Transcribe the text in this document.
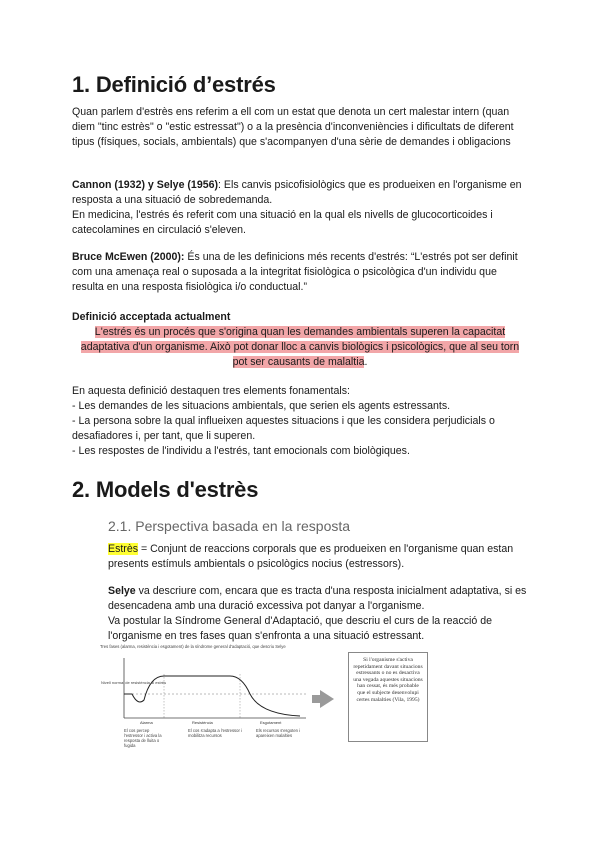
1. Definició d’estrés

Quan parlem d'estrès ens referim a ell com un estat que denota un cert malestar intern (quan diem "tinc estrès" o "estic estressat") o a la presència d'inconveniències i dificultats de diferent tipus (físiques, socials, ambientals) que s'acompanyen d'una sèrie de demandes i obligacions

Cannon (1932) y Selye (1956): Els canvis psicofisiològics que es produeixen en l'organisme en resposta a una situació de sobredemanda.

En medicina, l'estrés és referit com una situació en la qual els nivells de glucocorticoides i catecolamines en circulació s'eleven.

Bruce McEwen (2000): És una de les definicions més recents d'estrés: “L'estrés pot ser definit com una amenaça real o suposada a la integritat fisiològica o psicològica d'un individu que resulta en una resposta fisiològica i/o conductual.”

Definició acceptada actualment

L'estrés és un procés que s'origina quan les demandes ambientals superen la capacitat adaptativa d'un organisme. Això pot donar lloc a canvis biològics i psicològics, que al seu torn pot ser causants de malaltia.

En aquesta definició destaquen tres elements fonamentals:

- Les demandes de les situacions ambientals, que serien els agents estressants.

- La persona sobre la qual influeixen aquestes situacions i que les considera perjudicials o desafiadores i, per tant, que li superen.

- Les respostes de l'individu a l'estrés, tant emocionals com biològiques.

2. Models d'estrès

2.1. Perspectiva basada en la resposta

Estrès = Conjunt de reaccions corporals que es produeixen en l'organisme quan estan presents estímuls ambientals o psicològics nocius (estressors).

Selye va descriure com, encara que es tracta d'una resposta inicialment adaptativa, si es desencadena amb una duració excessiva pot danyar a l'organisme.

Va postular la Síndrome General d'Adaptació, que descriu el curs de la reacció de l'organisme en tres fases quan s'enfronta a una situació estressant.

Tres fases (alarma, resistència i esgotament) de la síndrome general d'adaptació, que descriu Selye
Nivell normal de resistència al estrès
Alarma	Resistència	Esgotament
El cos percep l'estressor i activa la resposta de lluita o fugida
El cos s'adapta a l'estressor i mobilitza recursos
Els recursos s'esgoten i apareixen malalties
Si l'organisme s'activa repetidament davant situacions estressants o no es desactiva una vegada aquestes situacions han cessat, és més probable que el subjecte desenvolupi certes malalties (Vila, 1995)
